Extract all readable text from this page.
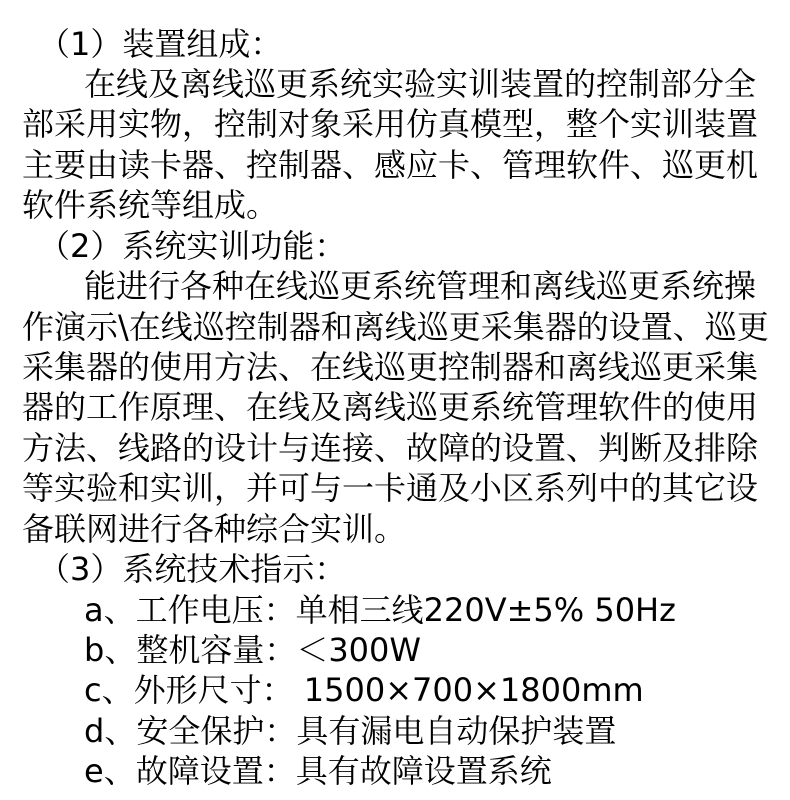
（1）装置组成：
在线及离线巡更系统实验实训装置的控制部分全
部采用实物，控制对象采用仿真模型，整个实训装置
主要由读卡器、控制器、感应卡、管理软件、巡更机
软件系统等组成。
（2）系统实训功能：
能进行各种在线巡更系统管理和离线巡更系统操
作演示\在线巡控制器和离线巡更采集器的设置、巡更
采集器的使用方法、在线巡更控制器和离线巡更采集
器的工作原理、在线及离线巡更系统管理软件的使用
方法、线路的设计与连接、故障的设置、判断及排除
等实验和实训，并可与一卡通及小区系列中的其它设
备联网进行各种综合实训。
（3）系统技术指示：
a、工作电压：单相三线220V±5% 50Hz
b、整机容量：＜300W
c、外形尺寸： 1500×700×1800mm
d、安全保护：具有漏电自动保护装置
e、故障设置：具有故障设置系统
